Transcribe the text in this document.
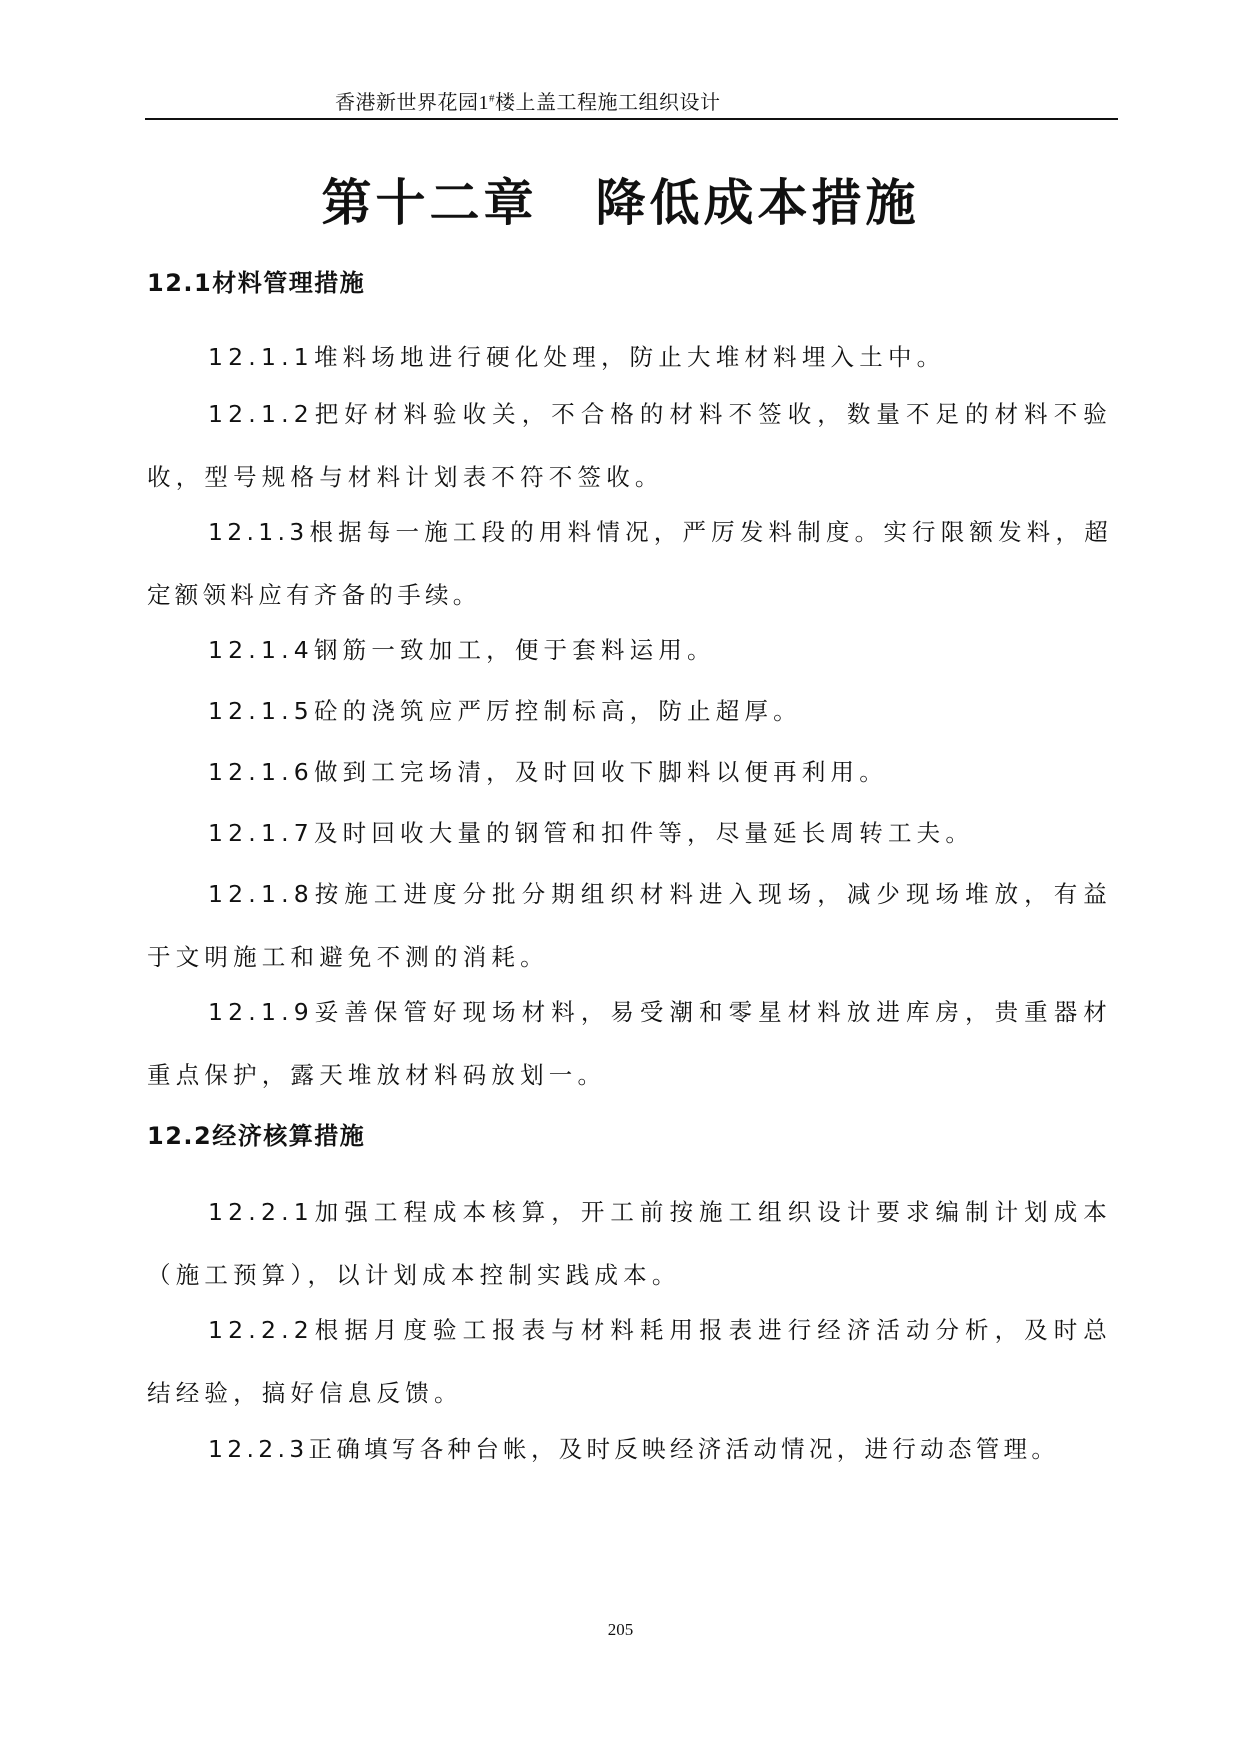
香港新世界花园1#楼上盖工程施工组织设计
第十二章 降低成本措施
12.1材料管理措施

12.1.1堆料场地进行硬化处理，防止大堆材料埋入土中。

12.1.2把好材料验收关，不合格的材料不签收，数量不足的材料不验收，型号规格与材料计划表不符不签收。

12.1.3根据每一施工段的用料情况，严厉发料制度。实行限额发料，超定额领料应有齐备的手续。

12.1.4钢筋一致加工，便于套料运用。

12.1.5砼的浇筑应严厉控制标高，防止超厚。

12.1.6做到工完场清，及时回收下脚料以便再利用。

12.1.7及时回收大量的钢管和扣件等，尽量延长周转工夫。

12.1.8按施工进度分批分期组织材料进入现场，减少现场堆放，有益于文明施工和避免不测的消耗。

12.1.9妥善保管好现场材料，易受潮和零星材料放进库房，贵重器材重点保护，露天堆放材料码放划一。

12.2经济核算措施

12.2.1加强工程成本核算，开工前按施工组织设计要求编制计划成本（施工预算），以计划成本控制实践成本。

12.2.2根据月度验工报表与材料耗用报表进行经济活动分析，及时总结经验，搞好信息反馈。

12.2.3正确填写各种台帐，及时反映经济活动情况，进行动态管理。

205
